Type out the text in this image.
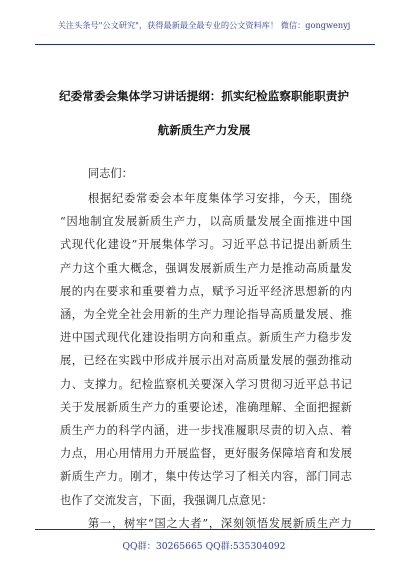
关注头条号"公文研究"，获得最新最全最专业的公文资料库！ 微信：gongwenyj
纪委常委会集体学习讲话提纲：抓实纪检监察职能职责护
航新质生产力发展
同志们：
根据纪委常委会本年度集体学习安排，今天，围绕
“因地制宜发展新质生产力，以高质量发展全面推进中国
式现代化建设”开展集体学习。习近平总书记提出新质生
产力这个重大概念，强调发展新质生产力是推动高质量发
展的内在要求和重要着力点，赋予习近平经济思想新的内
涵，为全党全社会用新的生产力理论指导高质量发展、推
进中国式现代化建设指明方向和重点。新质生产力稳步发
展，已经在实践中形成并展示出对高质量发展的强劲推动
力、支撑力。纪检监察机关要深入学习贯彻习近平总书记
关于发展新质生产力的重要论述，准确理解、全面把握新
质生产力的科学内涵，进一步找准履职尽责的切入点、着
力点，用心用情用力开展监督，更好服务保障培育和发展
新质生产力。刚才，集中传达学习了相关内容，部门同志
也作了交流发言，下面，我强调几点意见：
第一，树牢“国之大者”，深刻领悟发展新质生产力
QQ群：30265665 QQ群:535304092
